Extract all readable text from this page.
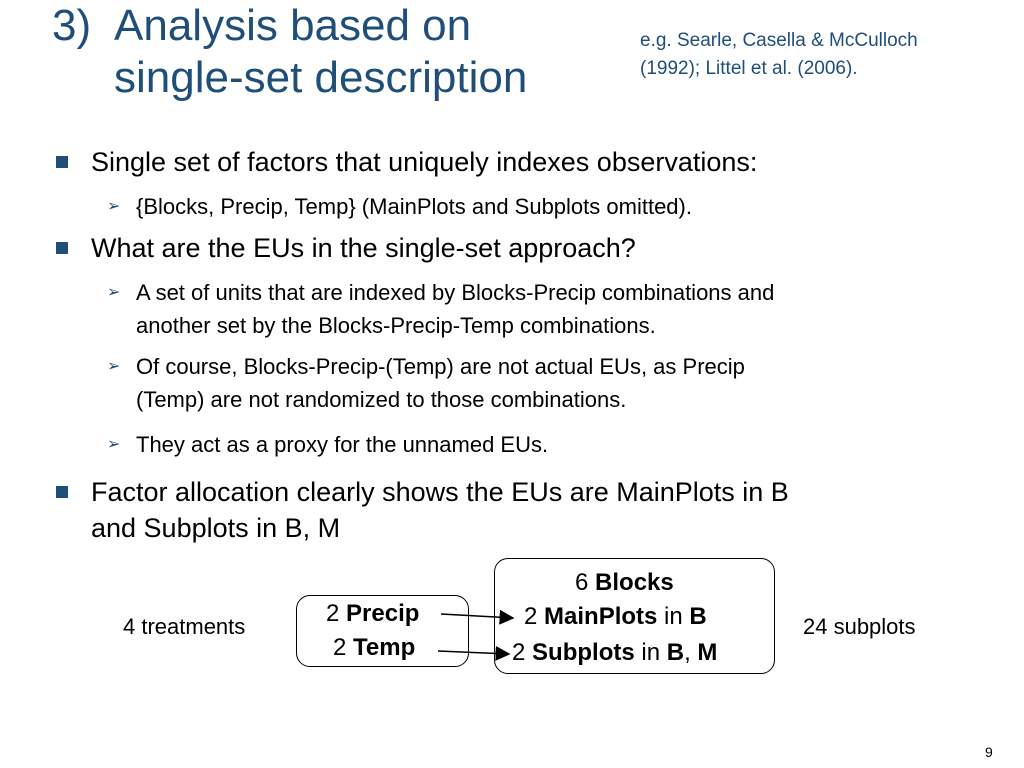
3) Analysis based on
single-set description
e.g. Searle, Casella & McCulloch
(1992); Littel et al. (2006).
Single set of factors that uniquely indexes observations:
➢ {Blocks, Precip, Temp} (MainPlots and Subplots omitted).
What are the EUs in the single-set approach?
➢ A set of units that are indexed by Blocks-Precip combinations and
another set by the Blocks-Precip-Temp combinations.
➢ Of course, Blocks-Precip-(Temp) are not actual EUs, as Precip
(Temp) are not randomized to those combinations.
➢ They act as a proxy for the unnamed EUs.
Factor allocation clearly shows the EUs are MainPlots in B
and Subplots in B, M
4 treatments	24 subplots
2 Precip
2 Temp
6 Blocks
2 MainPlots in B
2 Subplots in B, M
9
